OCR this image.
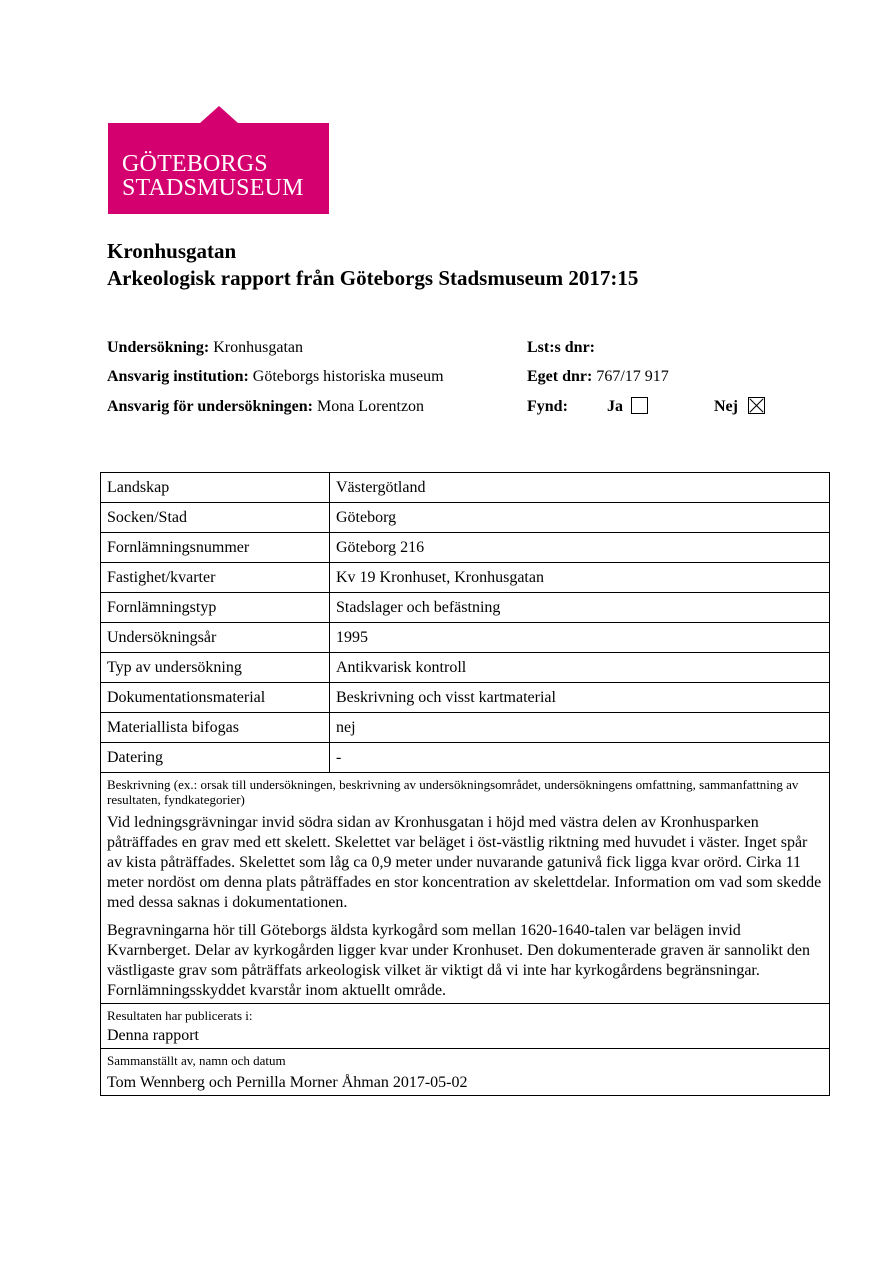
GÖTEBORGS
STADSMUSEUM
Kronhusgatan
Arkeologisk rapport från Göteborgs Stadsmuseum 2017:15
Undersökning: Kronhusgatan
Ansvarig institution: Göteborgs historiska museum
Ansvarig för undersökningen: Mona Lorentzon
Lst:s dnr:
Eget dnr: 767/17 917
Fynd: Ja	Nej
Landskap	Västergötland
Socken/Stad	Göteborg
Fornlämningsnummer	Göteborg 216
Fastighet/kvarter	Kv 19 Kronhuset, Kronhusgatan
Fornlämningstyp	Stadslager och befästning
Undersökningsår	1995
Typ av undersökning	Antikvarisk kontroll
Dokumentationsmaterial	Beskrivning och visst kartmaterial
Materiallista bifogas	nej
Datering	-

Beskrivning (ex.: orsak till undersökningen, beskrivning av undersökningsområdet, undersökningens omfattning, sammanfattning av resultaten, fyndkategorier)
Vid ledningsgrävningar invid södra sidan av Kronhusgatan i höjd med västra delen av Kronhusparken påträffades en grav med ett skelett. Skelettet var beläget i öst-västlig riktning med huvudet i väster. Inget spår av kista påträffades. Skelettet som låg ca 0,9 meter under nuvarande gatunivå fick ligga kvar orörd. Cirka 11 meter nordöst om denna plats påträffades en stor koncentration av skelettdelar. Information om vad som skedde med dessa saknas i dokumentationen.
Begravningarna hör till Göteborgs äldsta kyrkogård som mellan 1620-1640-talen var belägen invid Kvarnberget. Delar av kyrkogården ligger kvar under Kronhuset. Den dokumenterade graven är sannolikt den västligaste grav som påträffats arkeologisk vilket är viktigt då vi inte har kyrkogårdens begränsningar. Fornlämningsskyddet kvarstår inom aktuellt område.	

Resultaten har publicerats i:
Denna rapport	

Sammanställt av, namn och datum
Tom Wennberg och Pernilla Morner Åhman 2017-05-02	
